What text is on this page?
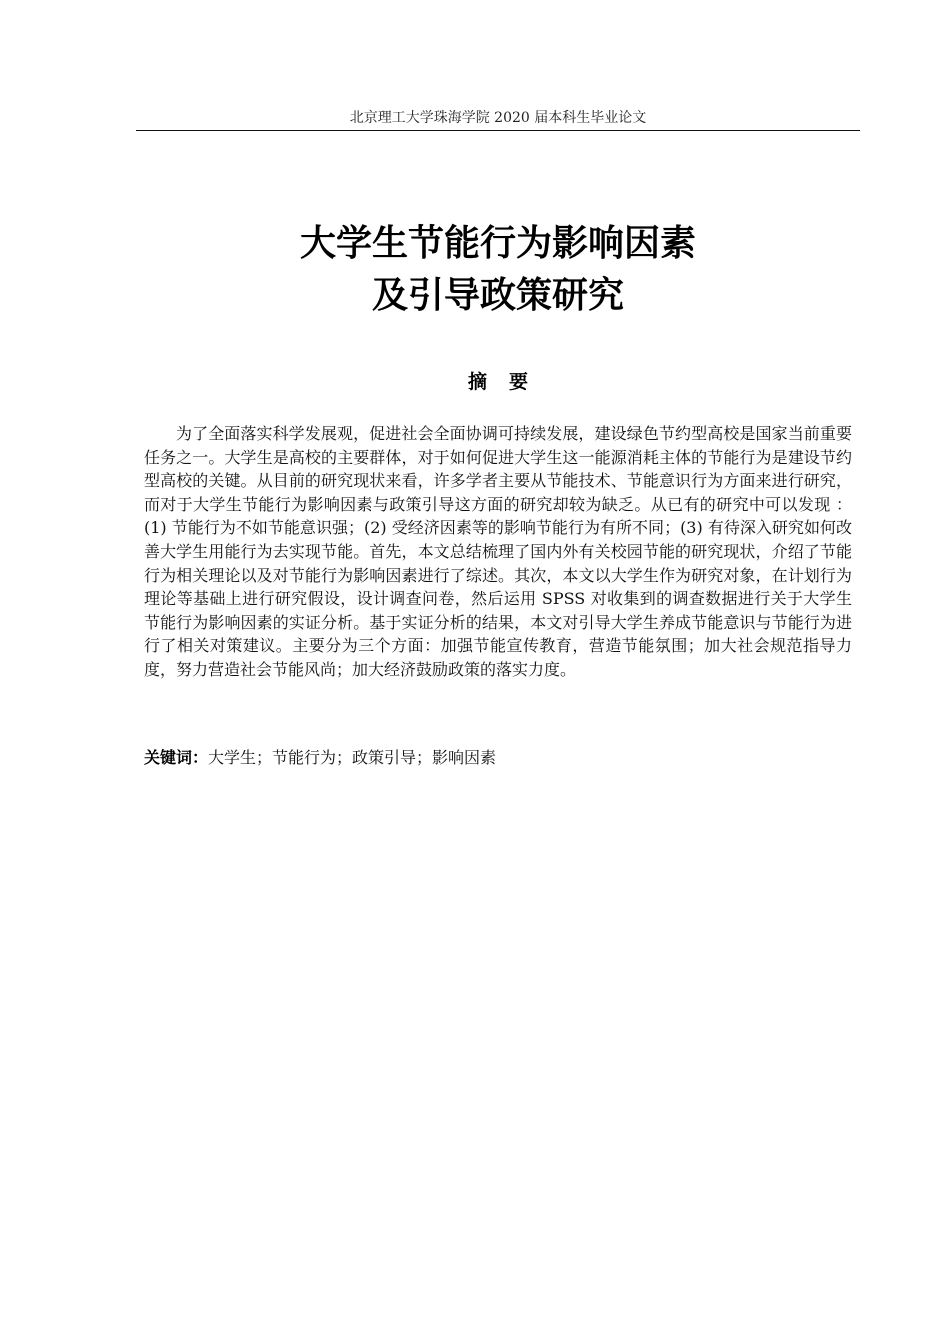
北京理工大学珠海学院 2020 届本科生毕业论文
大学生节能行为影响因素
及引导政策研究
摘要

为了全面落实科学发展观，促进社会全面协调可持续发展，建设绿色节约型高校是国家当前重要任务之一。大学生是高校的主要群体，对于如何促进大学生这一能源消耗主体的节能行为是建设节约型高校的关键。从目前的研究现状来看，许多学者主要从节能技术、节能意识行为方面来进行研究，而对于大学生节能行为影响因素与政策引导这方面的研究却较为缺乏。从已有的研究中可以发现 ：(1) 节能行为不如节能意识强；(2) 受经济因素等的影响节能行为有所不同；(3) 有待深入研究如何改善大学生用能行为去实现节能。首先，本文总结梳理了国内外有关校园节能的研究现状，介绍了节能行为相关理论以及对节能行为影响因素进行了综述。其次，本文以大学生作为研究对象，在计划行为理论等基础上进行研究假设，设计调查问卷，然后运用 SPSS 对收集到的调查数据进行关于大学生节能行为影响因素的实证分析。基于实证分析的结果，本文对引导大学生养成节能意识与节能行为进行了相关对策建议。主要分为三个方面：加强节能宣传教育，营造节能氛围；加大社会规范指导力度，努力营造社会节能风尚；加大经济鼓励政策的落实力度。

关键词：大学生；节能行为；政策引导；影响因素
